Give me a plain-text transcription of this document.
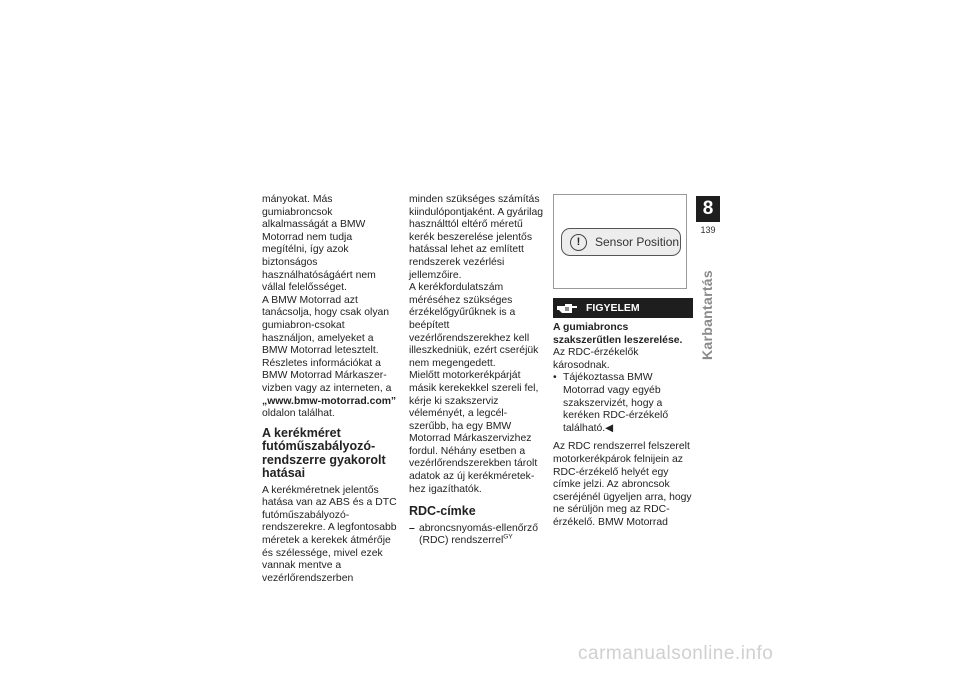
mányokat. Más gumiabroncsok alkalmasságát a BMW Motorrad nem tudja megítélni, így azok biztonságos használhatóságáért nem vállal felelősséget.

A BMW Motorrad azt tanácsolja, hogy csak olyan gumiabron-csokat használjon, amelyeket a BMW Motorrad letesztelt.

Részletes információkat a BMW Motorrad Márkaszer-vizben vagy az interneten, a „www.bmw-motorrad.com” oldalon találhat.

A kerékméret futóműszabályozó-rendszerre gyakorolt hatásai

A kerékméretnek jelentős hatása van az ABS és a DTC futóműszabályozó-rendszerekre. A legfontosabb méretek a kerekek átmérője és szélessége, mivel ezek vannak mentve a vezérlőrendszerben

minden szükséges számítás kiindulópontjaként. A gyárilag használttól eltérő méretű kerék beszerelése jelentős hatással lehet az említett rendszerek vezérlési jellemzőire.

A kerékfordulatszám méréséhez szükséges érzékelőgyűrűknek is a beépített vezérlőrendszerekhez kell illeszkedniük, ezért cseréjük nem megengedett.

Mielőtt motorkerékpárját másik kerekekkel szereli fel, kérje ki szakszerviz véleményét, a legcél-szerűbb, ha egy BMW Motorrad Márkaszervizhez fordul. Néhány esetben a vezérlőrendszerekben tárolt adatok az új kerékméretek-hez igazíthatók.

RDC-címke
– abroncsnyomás-ellenőrző (RDC) rendszerrel$^{GY}$
!	Sensor Position
FIGYELEM
A gumiabroncs szakszerűtlen leszerelése.

Az RDC-érzékelők károsodnak.

• Tájékoztassa BMW Motorrad vagy egyéb szakszervizét, hogy a keréken RDC-érzékelő található.◀

Az RDC rendszerrel felszerelt motorkerékpárok felnijein az RDC-érzékelő helyét egy címke jelzi. Az abroncsok cseréjénél ügyeljen arra, hogy ne sérüljön meg az RDC-érzékelő. BMW Motorrad

8
139
Karbantartás
carmanualsonline.info
